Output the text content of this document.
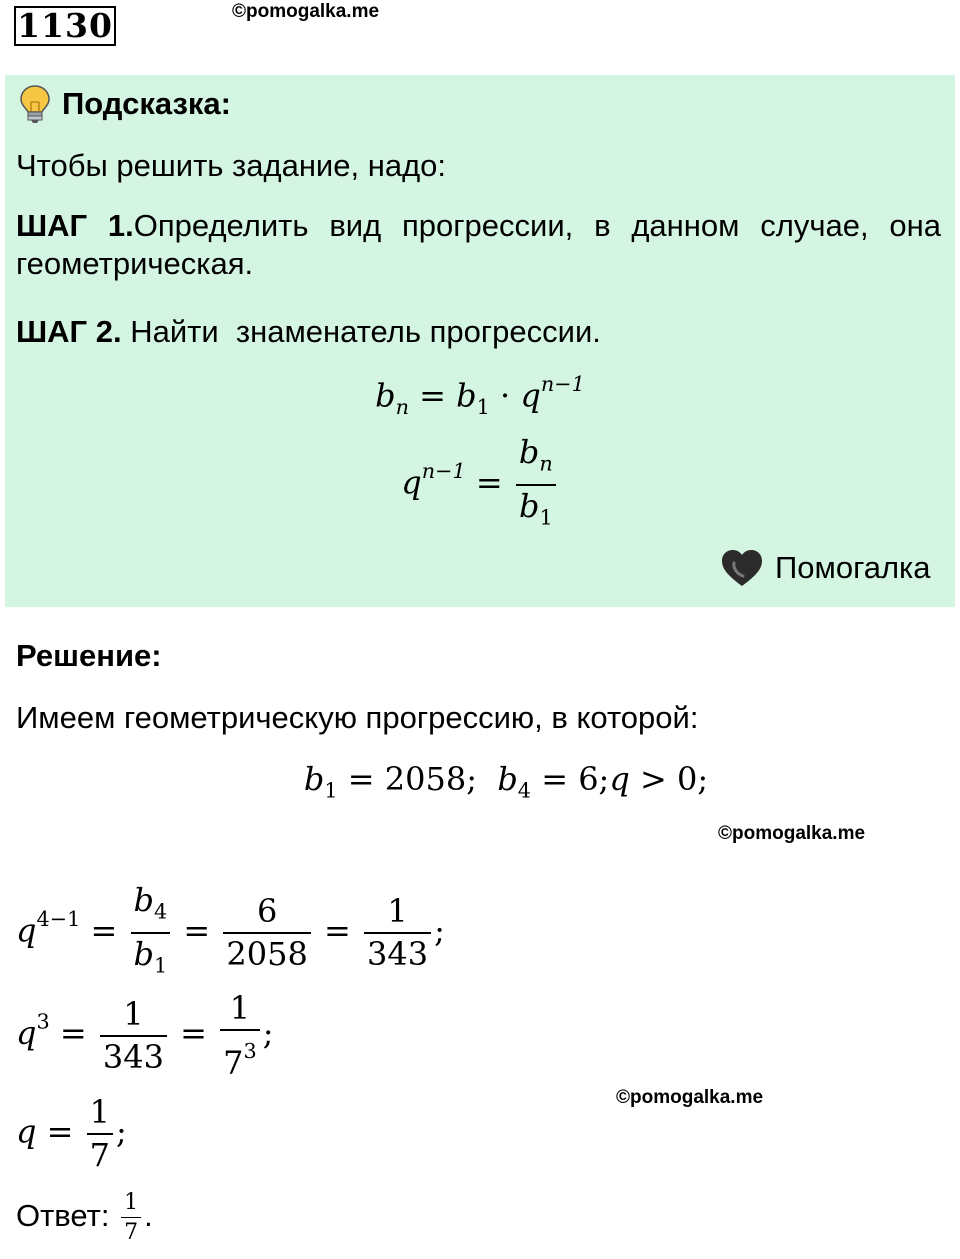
1130	©pomogalka.me
Подсказка:
Чтобы решить задание, надо:
ШАГ 1.Определить вид прогрессии, в данном случае, она геометрическая.
ШАГ 2. Найти  знаменатель прогрессии.
$b_n = b_1 \cdot q^{n-1}$
$q^{n-1} = \frac{b_n}{b_1}$
Помогалка
Решение:
Имеем геометрическую прогрессию, в которой:
$b_1 = 2058$;  $b_4$ = 6;q > 0;
©pomogalka.me
$q^{4-1} = \frac{b_4}{b_1} = \frac{6}{2058} = \frac{1}{343}$ ;
$q^3 = \frac{1}{343} = \frac{1}{7^3}$ ;
©pomogalka.me
$q = \frac{1}{7}$ ;
Ответ: $\frac{1}{7}$ .
